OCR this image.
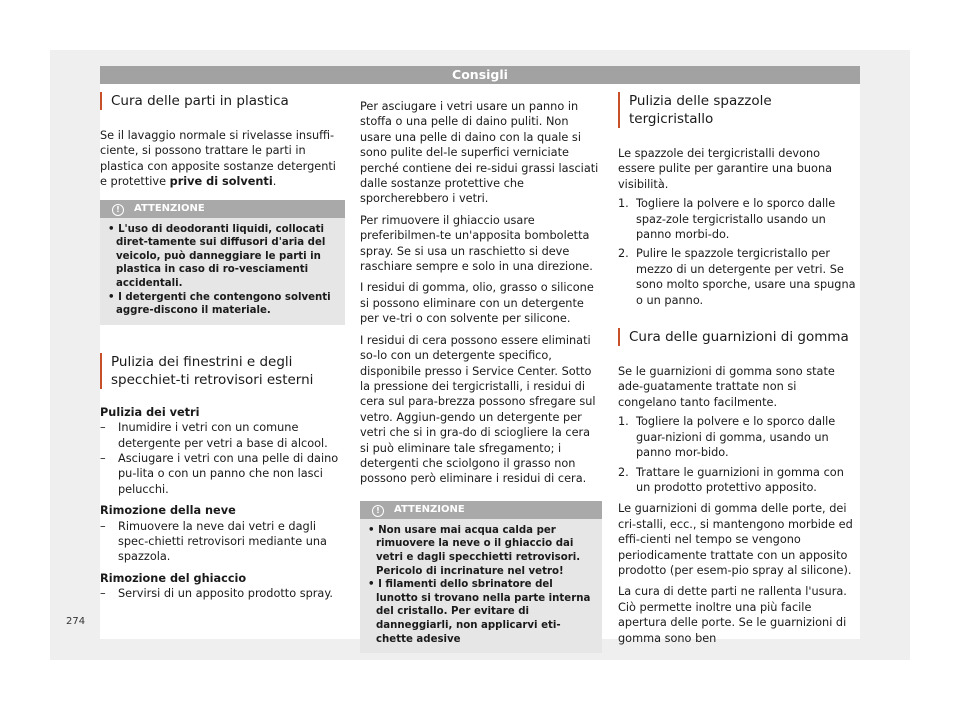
Consigli
Cura delle parti in plastica

Se il lavaggio normale si rivelasse insuffi-ciente, si possono trattare le parti in plastica con apposite sostanze detergenti e protettive prive di solventi.

! ATTENZIONE
• L'uso di deodoranti liquidi, collocati diret-tamente sui diffusori d'aria del veicolo, può danneggiare le parti in plastica in caso di ro-vesciamenti accidentali.
• I detergenti che contengono solventi aggre-discono il materiale.
Pulizia dei finestrini e degli specchiet-ti retrovisori esterni
Pulizia dei vetri
– Inumidire i vetri con un comune detergente per vetri a base di alcool.
– Asciugare i vetri con una pelle di daino pu-lita o con un panno che non lasci pelucchi.
Rimozione della neve
– Rimuovere la neve dai vetri e dagli spec-chietti retrovisori mediante una spazzola.
Rimozione del ghiaccio
– Servirsi di un apposito prodotto spray.

Per asciugare i vetri usare un panno in stoffa o una pelle di daino puliti. Non usare una pelle di daino con la quale si sono pulite del-le superfici verniciate perché contiene dei re-sidui grassi lasciati dalle sostanze protettive che sporcherebbero i vetri.

Per rimuovere il ghiaccio usare preferibilmen-te un'apposita bomboletta spray. Se si usa un raschietto si deve raschiare sempre e solo in una direzione.

I residui di gomma, olio, grasso o silicone si possono eliminare con un detergente per ve-tri o con solvente per silicone.

I residui di cera possono essere eliminati so-lo con un detergente specifico, disponibile presso i Service Center. Sotto la pressione dei tergicristalli, i residui di cera sul para-brezza possono sfregare sul vetro. Aggiun-gendo un detergente per vetri che si in gra-do di sciogliere la cera si può eliminare tale sfregamento; i detergenti che sciolgono il grasso non possono però eliminare i residui di cera.

! ATTENZIONE
• Non usare mai acqua calda per rimuovere la neve o il ghiaccio dai vetri e dagli specchietti retrovisori. Pericolo di incrinature nel vetro!
• I filamenti dello sbrinatore del lunotto si trovano nella parte interna del cristallo. Per evitare di danneggiarli, non applicarvi eti-chette adesive
Pulizia delle spazzole tergicristallo

Le spazzole dei tergicristalli devono essere pulite per garantire una buona visibilità.

1. Togliere la polvere e lo sporco dalle spaz-zole tergicristallo usando un panno morbi-do.
2. Pulire le spazzole tergicristallo per mezzo di un detergente per vetri. Se sono molto sporche, usare una spugna o un panno.
Cura delle guarnizioni di gomma

Se le guarnizioni di gomma sono state ade-guatamente trattate non si congelano tanto facilmente.

1. Togliere la polvere e lo sporco dalle guar-nizioni di gomma, usando un panno mor-bido.
2. Trattare le guarnizioni in gomma con un prodotto protettivo apposito.

Le guarnizioni di gomma delle porte, dei cri-stalli, ecc., si mantengono morbide ed effi-cienti nel tempo se vengono periodicamente trattate con un apposito prodotto (per esem-pio spray al silicone).

La cura di dette parti ne rallenta l'usura. Ciò permette inoltre una più facile apertura delle porte. Se le guarnizioni di gomma sono ben

274
